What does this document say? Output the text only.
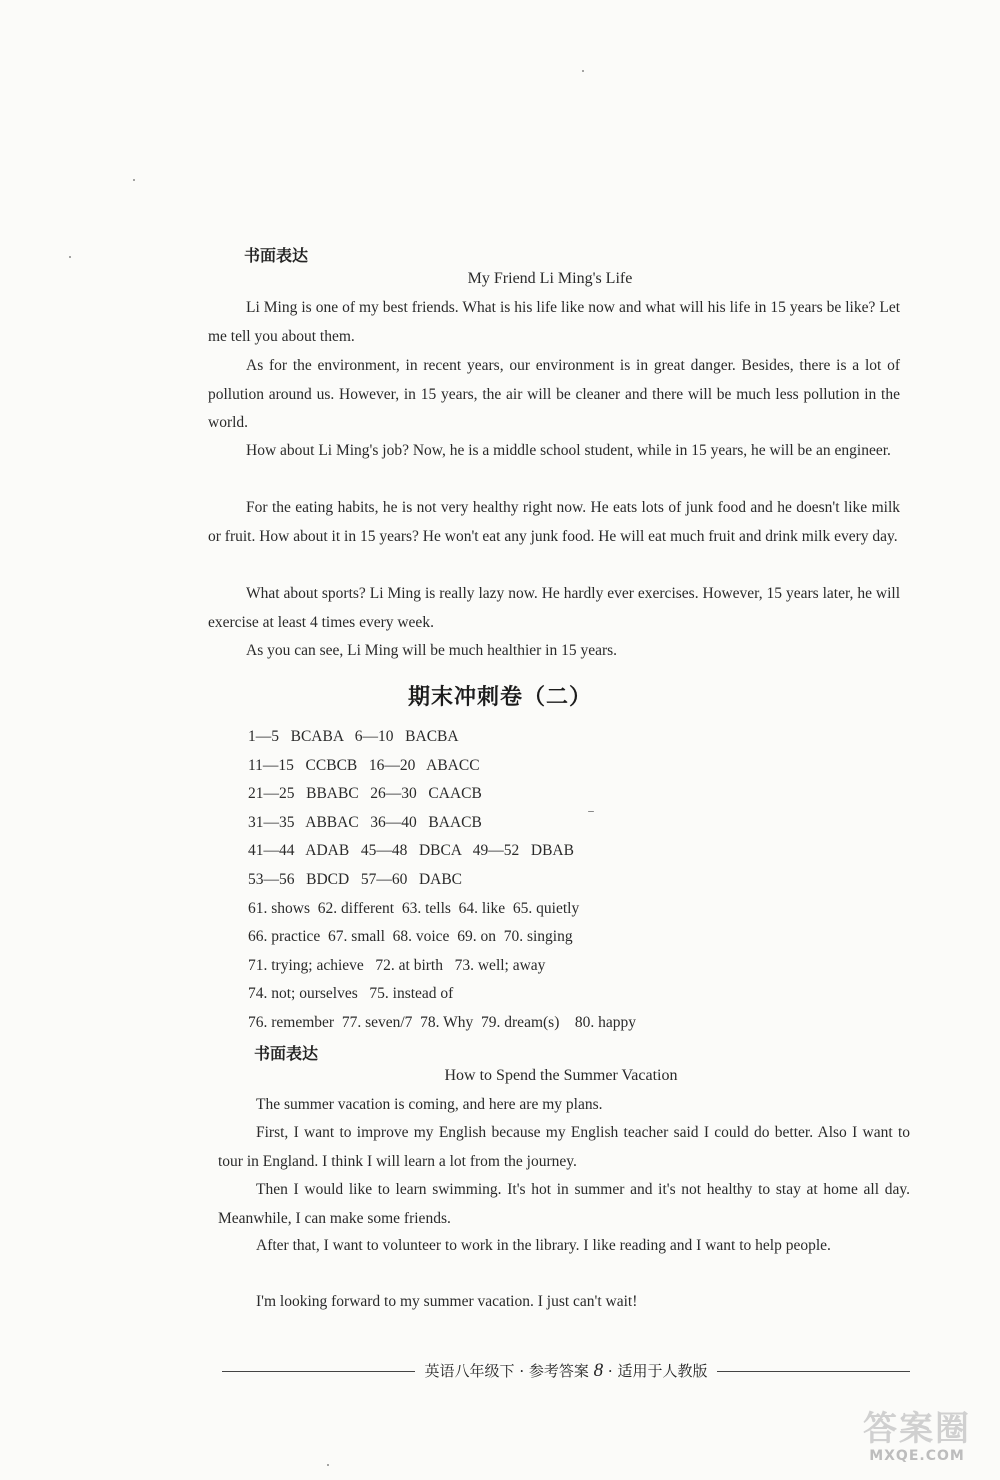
书面表达
My Friend Li Ming's Life
Li Ming is one of my best friends. What is his life like now and what will his life in 15 years be like? Let me tell you about them.
As for the environment, in recent years, our environment is in great danger. Besides, there is a lot of pollution around us. However, in 15 years, the air will be cleaner and there will be much less pollution in the world.
How about Li Ming's job? Now, he is a middle school student, while in 15 years, he will be an engineer.
For the eating habits, he is not very healthy right now. He eats lots of junk food and he doesn't like milk or fruit. How about it in 15 years? He won't eat any junk food. He will eat much fruit and drink milk every day.
What about sports? Li Ming is really lazy now. He hardly ever exercises. However, 15 years later, he will exercise at least 4 times every week.
As you can see, Li Ming will be much healthier in 15 years.
期末冲刺卷（二）
1—5   BCABA   6—10   BACBA
11—15   CCBCB   16—20   ABACC
21—25   BBABC   26—30   CAACB
31—35   ABBAC   36—40   BAACB
41—44   ADAB   45—48   DBCA   49—52   DBAB
53—56   BDCD   57—60   DABC
61. shows  62. different  63. tells  64. like  65. quietly
66. practice  67. small  68. voice  69. on  70. singing
71. trying; achieve   72. at birth   73. well; away
74. not; ourselves   75. instead of
76. remember  77. seven/7  78. Why  79. dream(s)    80. happy
书面表达
How to Spend the Summer Vacation
The summer vacation is coming, and here are my plans.
First, I want to improve my English because my English teacher said I could do better. Also I want to tour in England. I think I will learn a lot from the journey.
Then I would like to learn swimming. It's hot in summer and it's not healthy to stay at home all day. Meanwhile, I can make some friends.
After that, I want to volunteer to work in the library. I like reading and I want to help people.
I'm looking forward to my summer vacation. I just can't wait!
英语八年级下 · 参考答案 8 · 适用于人教版
答案圈
MXQE.COM
